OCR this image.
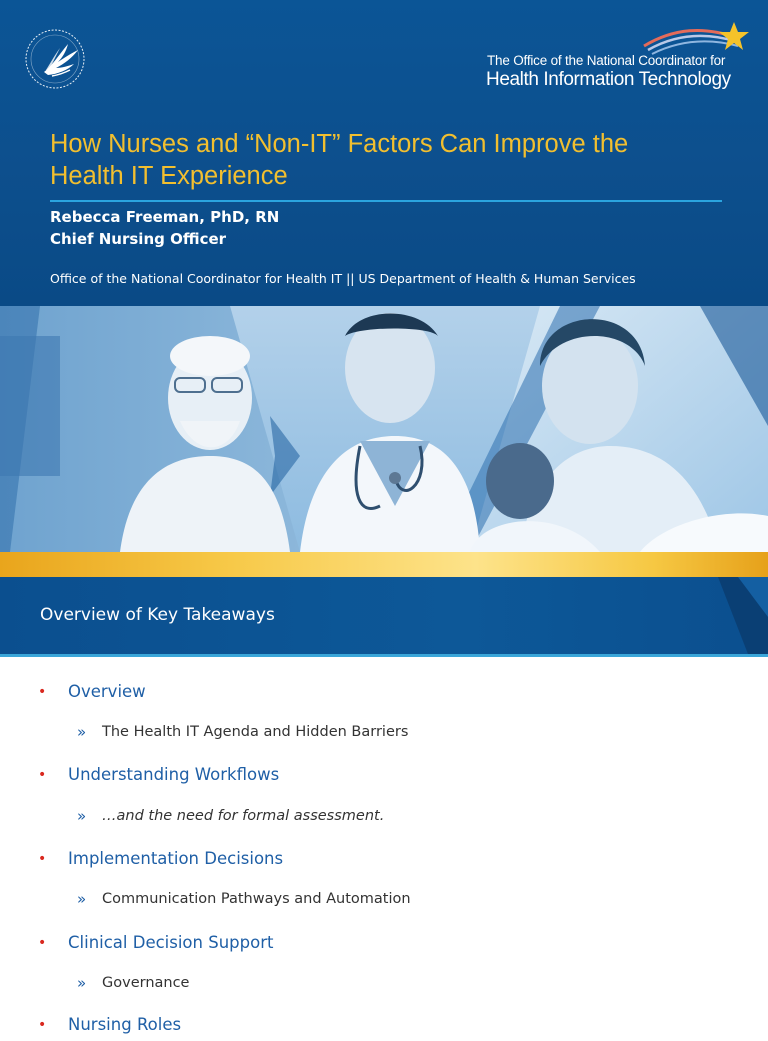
The Office of the National Coordinator for
Health Information Technology
How Nurses and “Non-IT” Factors Can Improve the
Health IT Experience
Rebecca Freeman, PhD, RN
Chief Nursing Officer
Office of the National Coordinator for Health IT || US Department of Health & Human Services
Overview of Key Takeaways
• Overview
» The Health IT Agenda and Hidden Barriers
• Understanding Workflows
» …and the need for formal assessment.
• Implementation Decisions
» Communication Pathways and Automation
• Clinical Decision Support
» Governance
• Nursing Roles
